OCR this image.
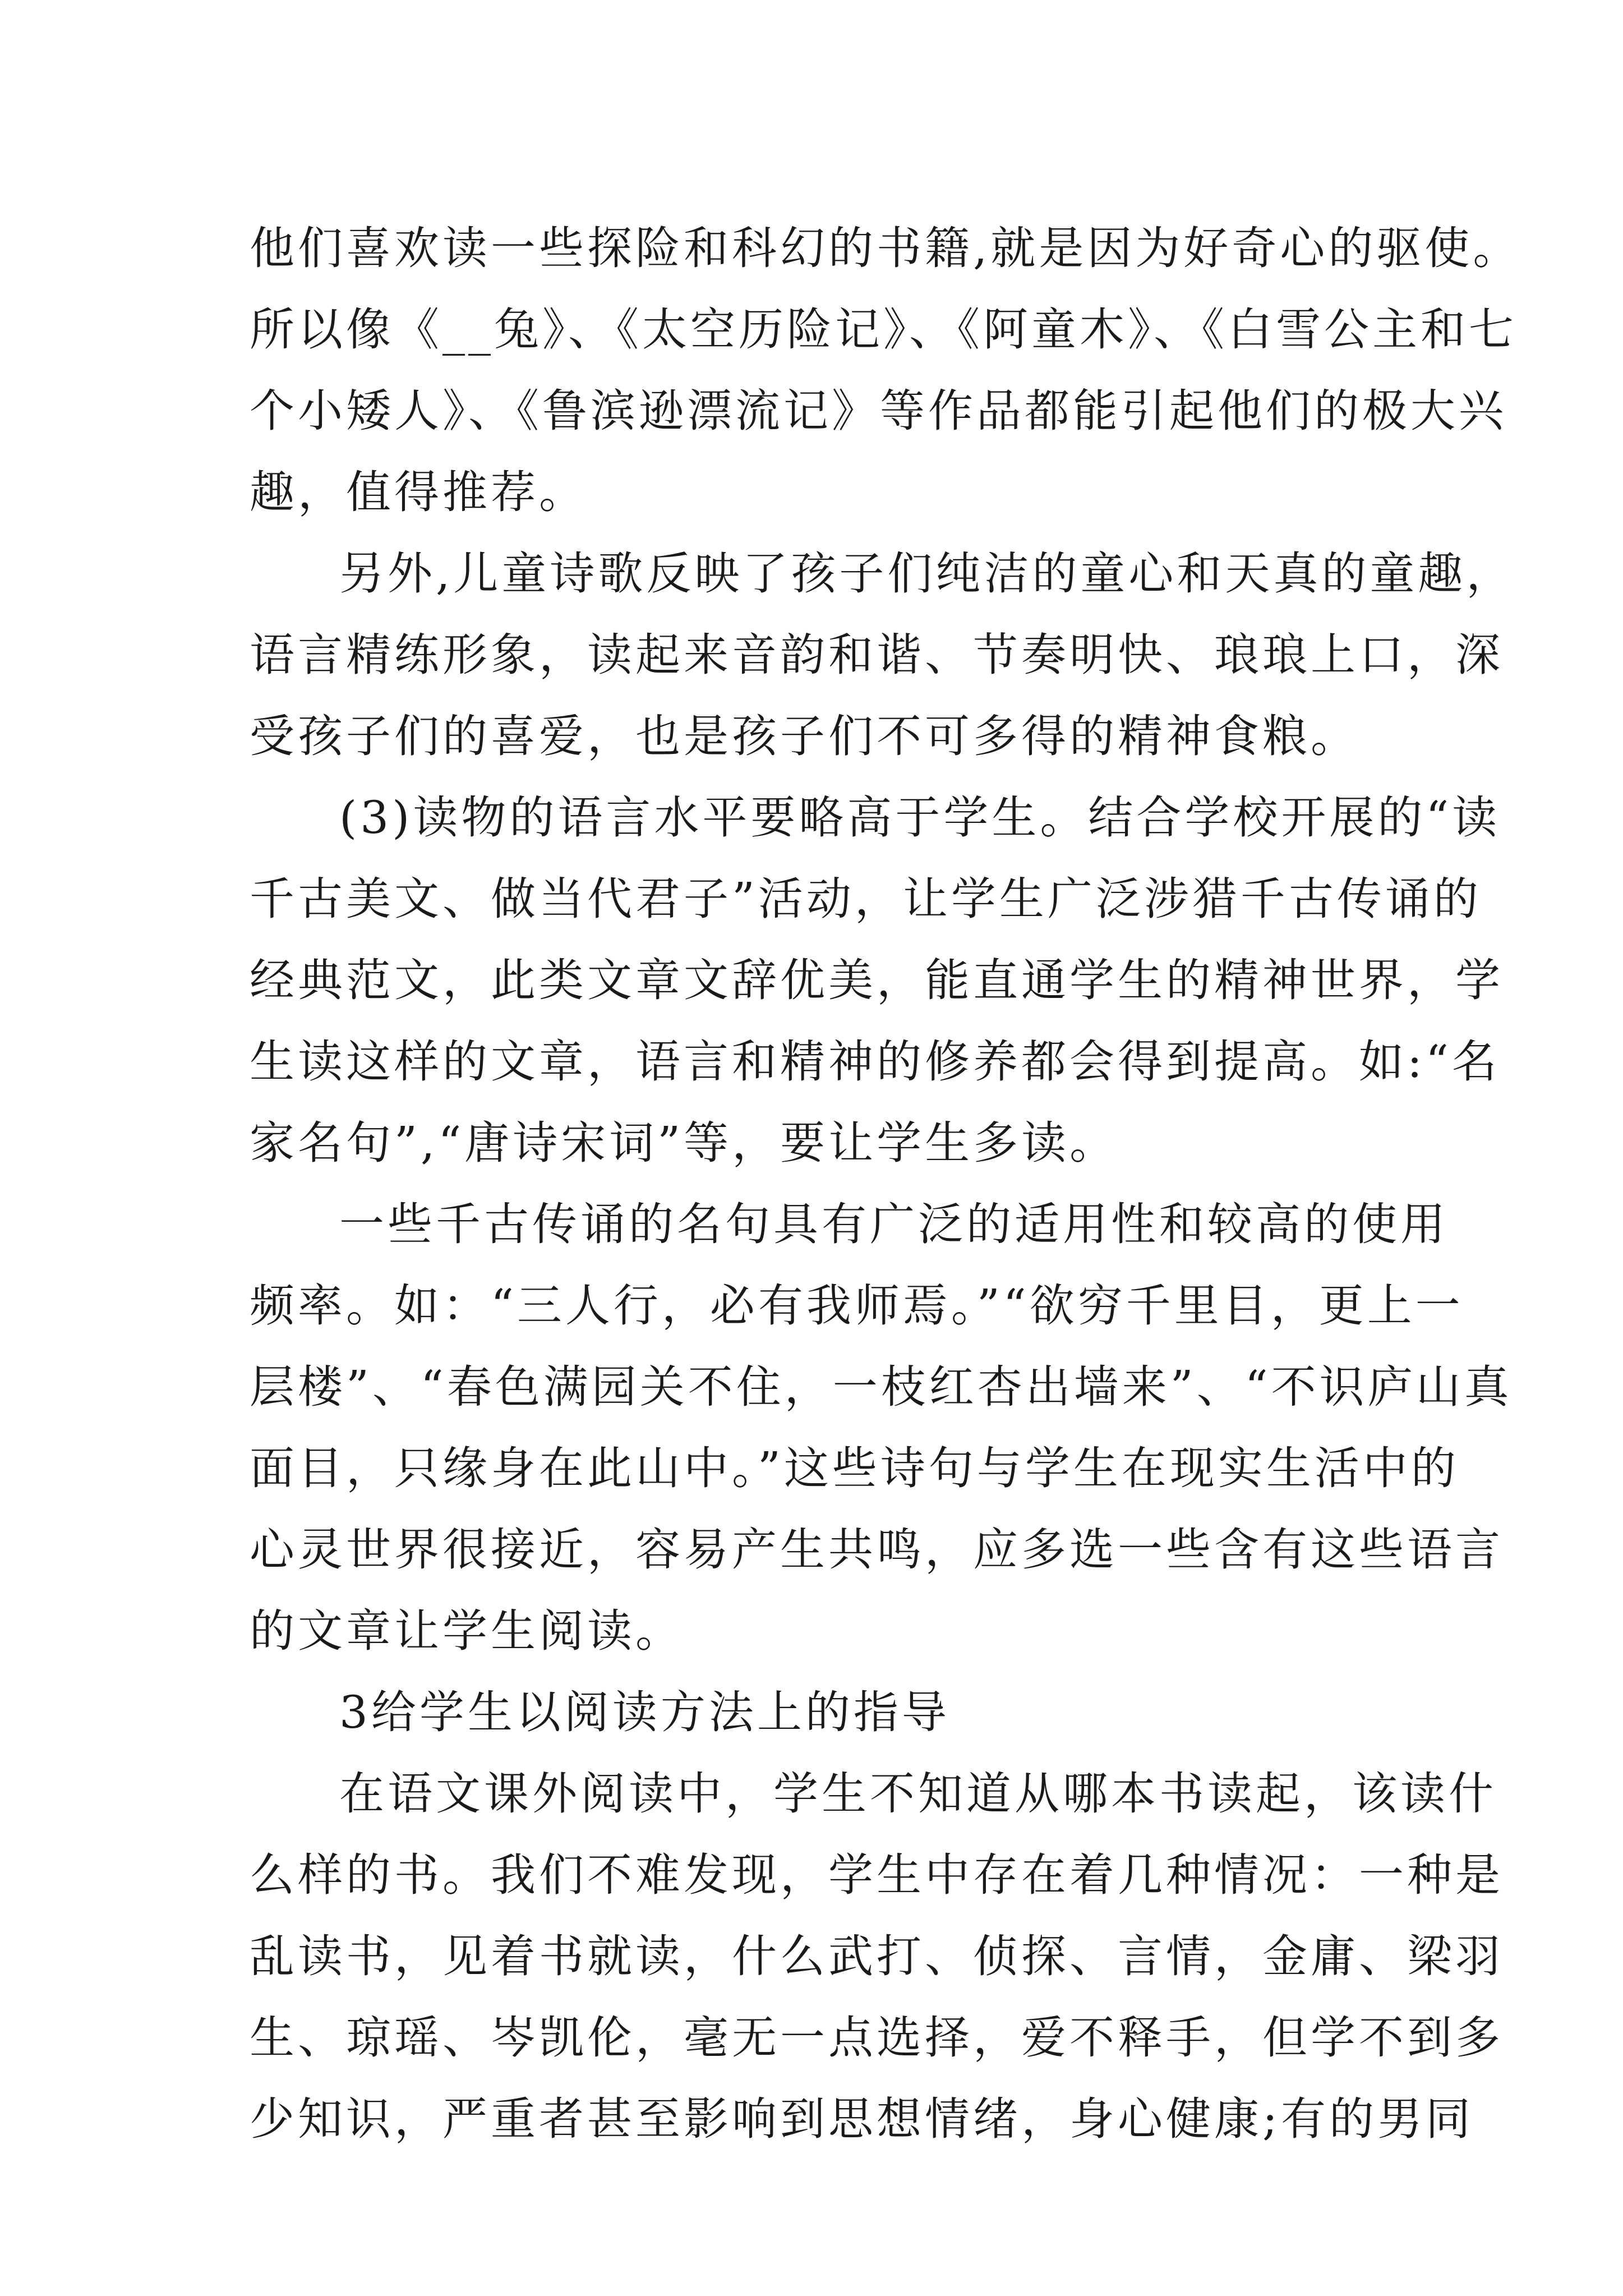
他们喜欢读一些探险和科幻的书籍,就是因为好奇心的驱使。
所以像《__兔》、《太空历险记》、《阿童木》、《白雪公主和七
个小矮人》、《鲁滨逊漂流记》等作品都能引起他们的极大兴
趣，值得推荐。
另外,儿童诗歌反映了孩子们纯洁的童心和天真的童趣，
语言精练形象，读起来音韵和谐、节奏明快、琅琅上口，深
受孩子们的喜爱，也是孩子们不可多得的精神食粮。
(3)读物的语言水平要略高于学生。结合学校开展的“读
千古美文、做当代君子”活动，让学生广泛涉猎千古传诵的
经典范文，此类文章文辞优美，能直通学生的精神世界，学
生读这样的文章，语言和精神的修养都会得到提高。如:“名
家名句”,“唐诗宋词”等，要让学生多读。
一些千古传诵的名句具有广泛的适用性和较高的使用
频率。如：“三人行，必有我师焉。”“欲穷千里目，更上一
层楼”、“春色满园关不住，一枝红杏出墙来”、“不识庐山真
面目，只缘身在此山中。”这些诗句与学生在现实生活中的
心灵世界很接近，容易产生共鸣，应多选一些含有这些语言
的文章让学生阅读。
3给学生以阅读方法上的指导
在语文课外阅读中，学生不知道从哪本书读起，该读什
么样的书。我们不难发现，学生中存在着几种情况：一种是
乱读书，见着书就读，什么武打、侦探、言情，金庸、梁羽
生、琼瑶、岑凯伦，毫无一点选择，爱不释手，但学不到多
少知识，严重者甚至影响到思想情绪，身心健康;有的男同
